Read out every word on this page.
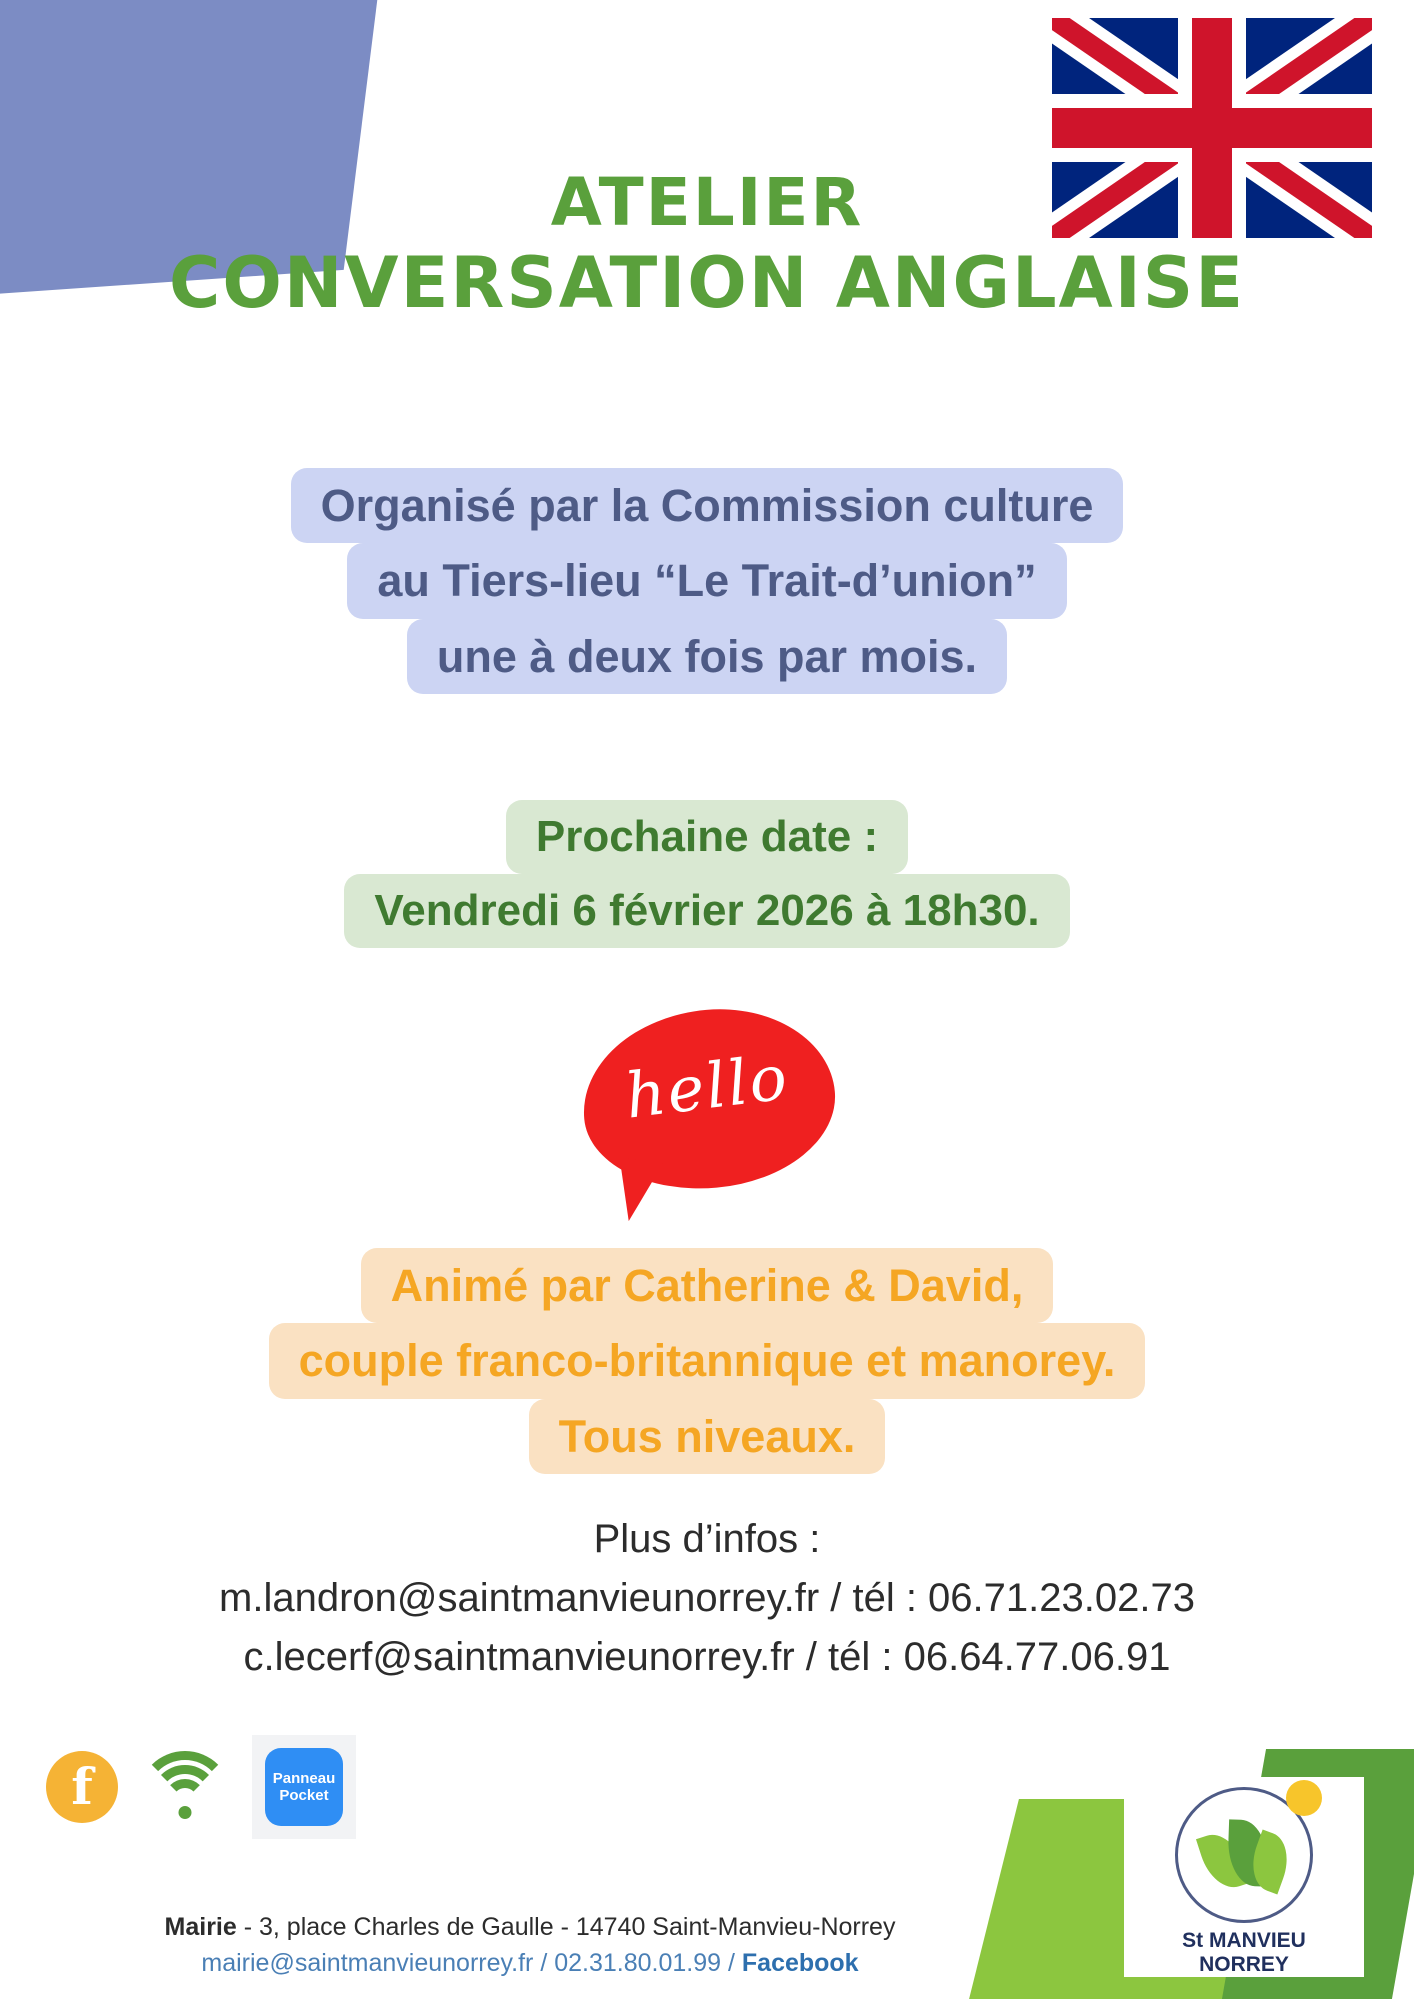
ATELIER
CONVERSATION ANGLAISE
Organisé par la Commission culture
au Tiers-lieu “Le Trait-d’union”
une à deux fois par mois.
Prochaine date :
Vendredi 6 février 2026 à 18h30.
hello
Animé par Catherine & David,
couple franco-britannique et manorey.
Tous niveaux.
Plus d’infos :
m.landron@saintmanvieunorrey.fr / tél : 06.71.23.02.73
c.lecerf@saintmanvieunorrey.fr / tél : 06.64.77.06.91
f	Panneau
Pocket
St MANVIEU
NORREY
Mairie - 3, place Charles de Gaulle - 14740 Saint-Manvieu-Norrey
mairie@saintmanvieunorrey.fr / 02.31.80.01.99 / Facebook
